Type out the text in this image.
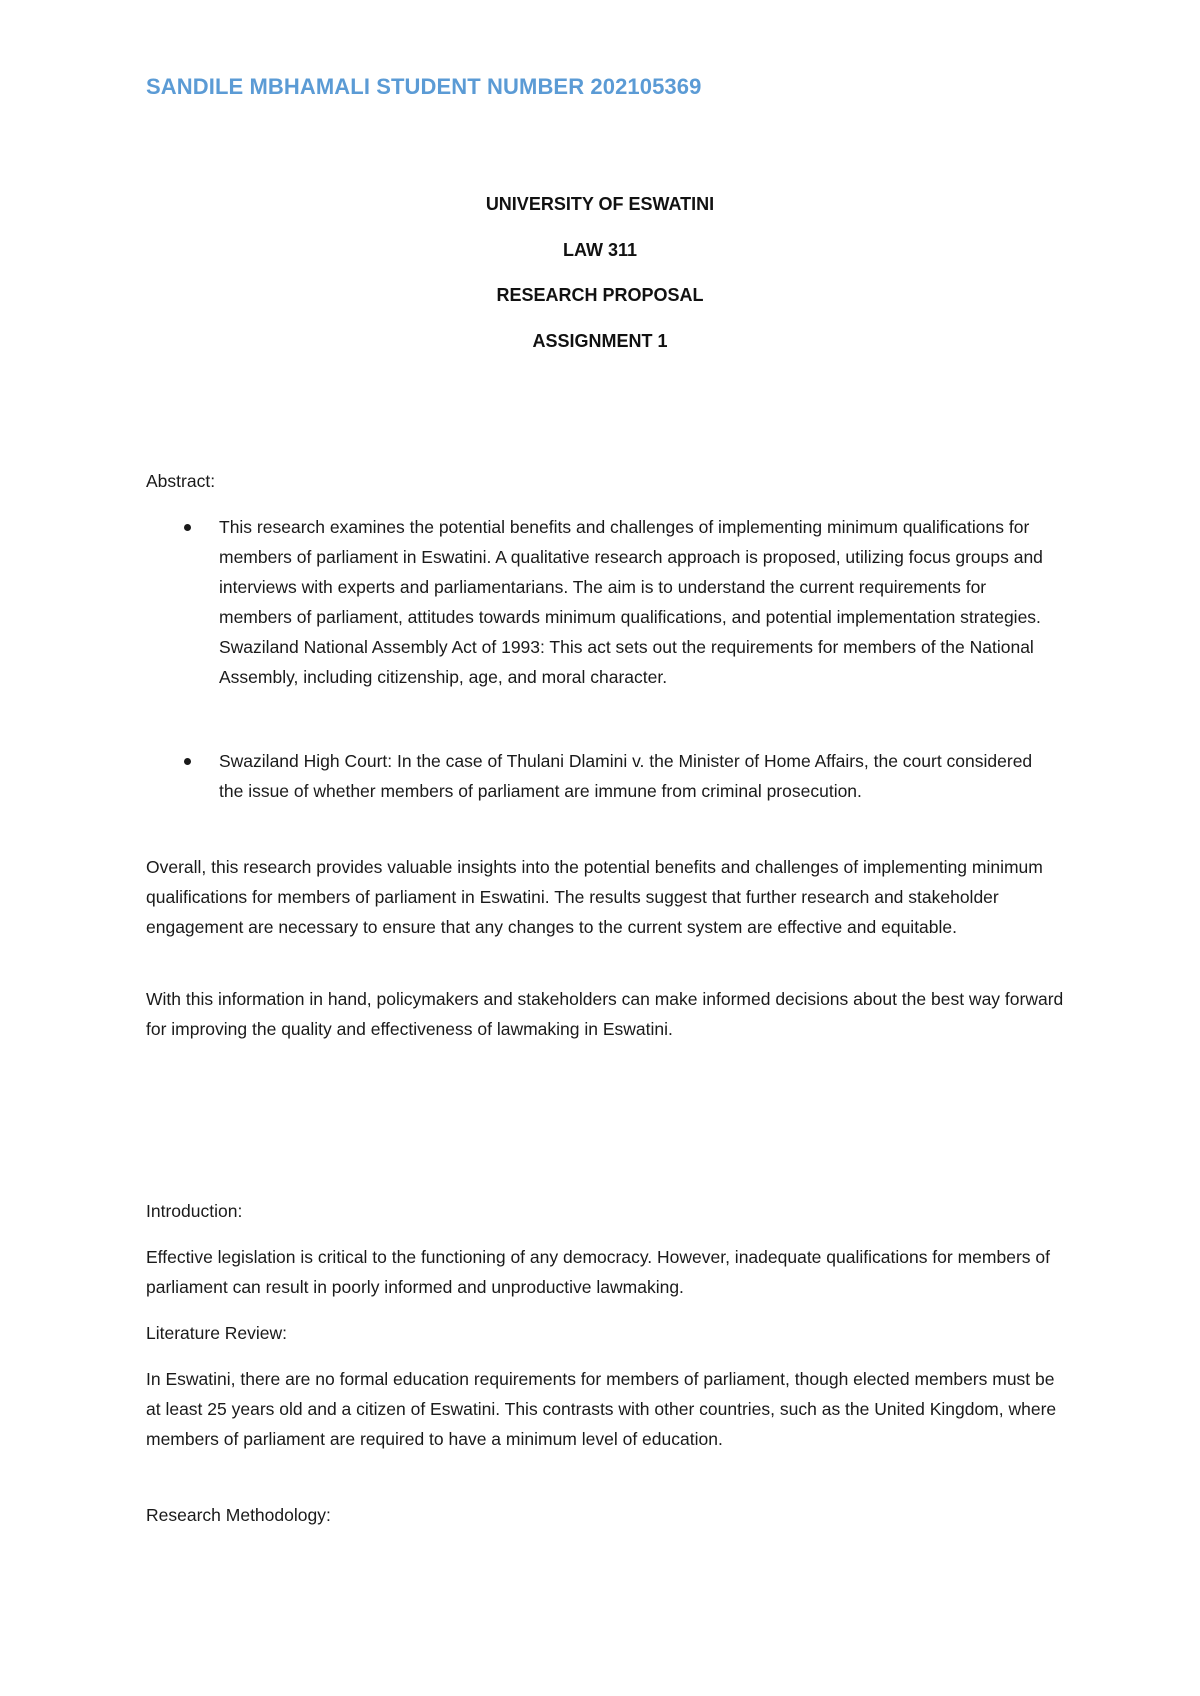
SANDILE MBHAMALI STUDENT NUMBER 202105369
UNIVERSITY OF ESWATINI
LAW 311
RESEARCH PROPOSAL
ASSIGNMENT 1
Abstract:
This research examines the potential benefits and challenges of implementing minimum qualifications for members of parliament in Eswatini. A qualitative research approach is proposed, utilizing focus groups and interviews with experts and parliamentarians. The aim is to understand the current requirements for members of parliament, attitudes towards minimum qualifications, and potential implementation strategies. Swaziland National Assembly Act of 1993: This act sets out the requirements for members of the National Assembly, including citizenship, age, and moral character.
Swaziland High Court: In the case of Thulani Dlamini v. the Minister of Home Affairs, the court considered the issue of whether members of parliament are immune from criminal prosecution.
Overall, this research provides valuable insights into the potential benefits and challenges of implementing minimum qualifications for members of parliament in Eswatini. The results suggest that further research and stakeholder engagement are necessary to ensure that any changes to the current system are effective and equitable.
With this information in hand, policymakers and stakeholders can make informed decisions about the best way forward for improving the quality and effectiveness of lawmaking in Eswatini.
Introduction:
Effective legislation is critical to the functioning of any democracy. However, inadequate qualifications for members of parliament can result in poorly informed and unproductive lawmaking.
Literature Review:
In Eswatini, there are no formal education requirements for members of parliament, though elected members must be at least 25 years old and a citizen of Eswatini. This contrasts with other countries, such as the United Kingdom, where members of parliament are required to have a minimum level of education.
Research Methodology:
